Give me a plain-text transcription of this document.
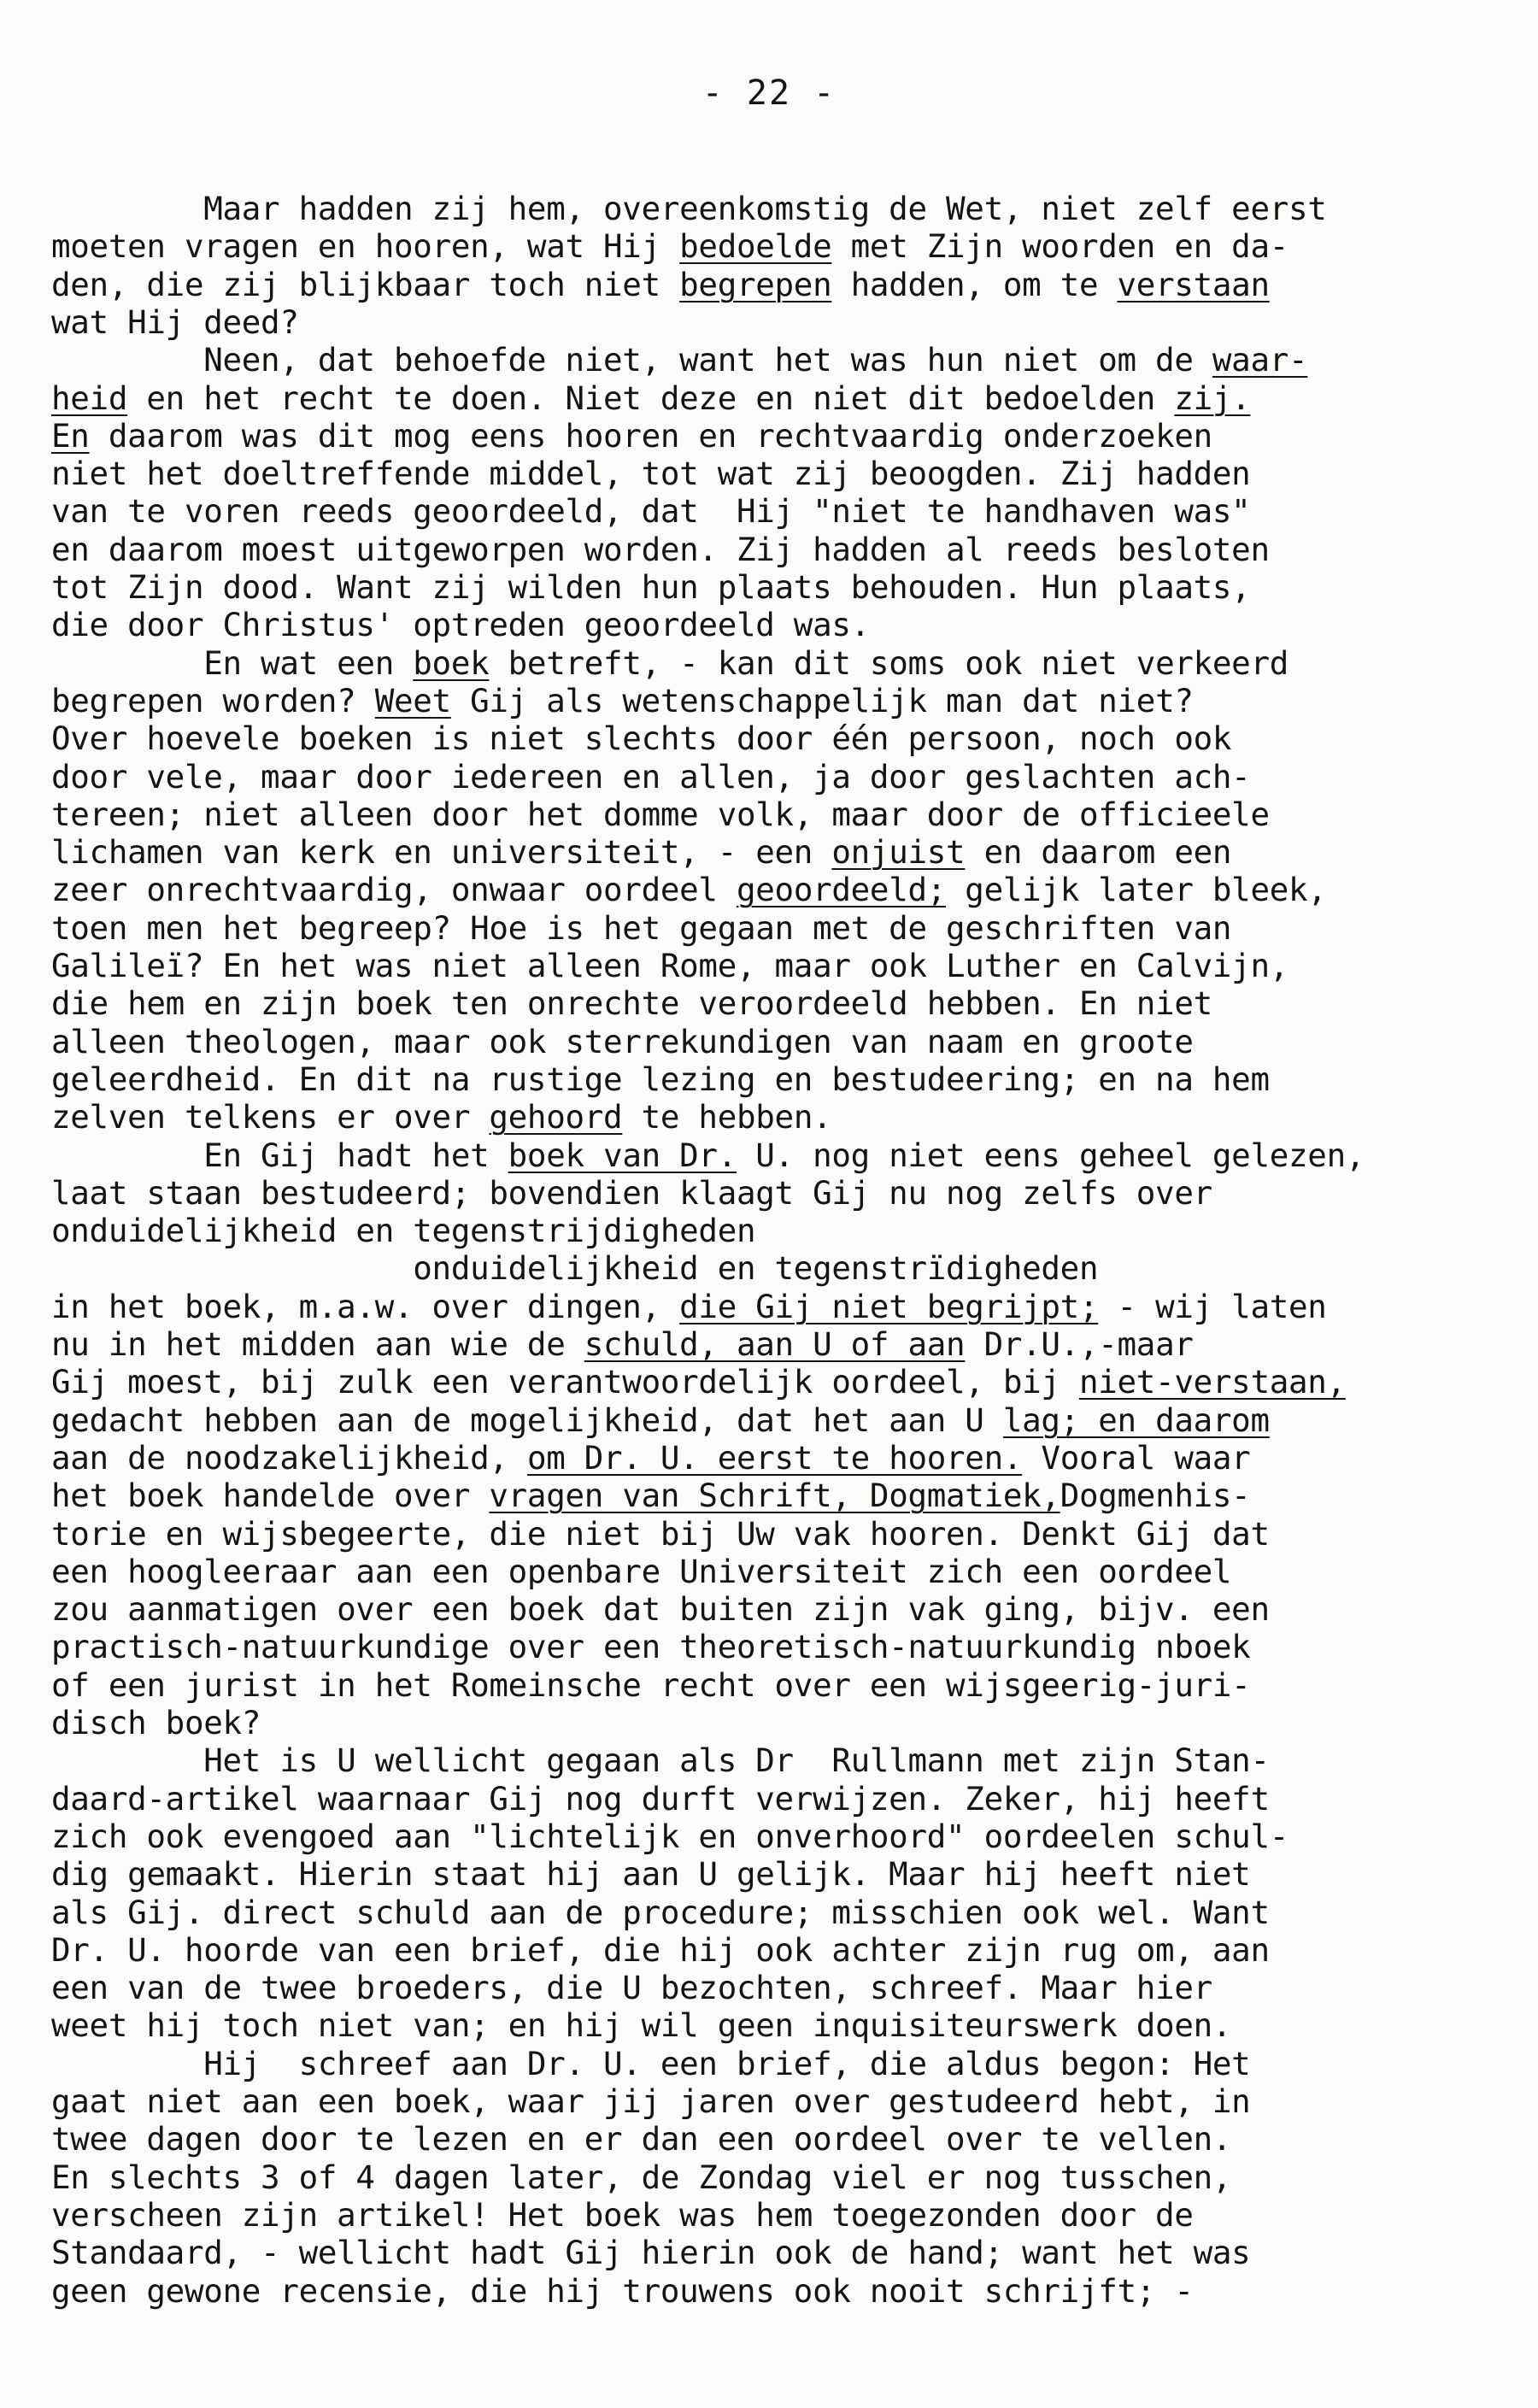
- 22 -
Maar hadden zij hem, overeenkomstig de Wet, niet zelf eerst
moeten vragen en hooren, wat Hij bedoelde met Zijn woorden en da-
den, die zij blijkbaar toch niet begrepen hadden, om te verstaan
wat Hij deed?
Neen, dat behoefde niet, want het was hun niet om de waar-
heid en het recht te doen. Niet deze en niet dit bedoelden zij.
En daarom was dit mog eens hooren en rechtvaardig onderzoeken
niet het doeltreffende middel, tot wat zij beoogden. Zij hadden
van te voren reeds geoordeeld, dat  Hij "niet te handhaven was"
en daarom moest uitgeworpen worden. Zij hadden al reeds besloten
tot Zijn dood. Want zij wilden hun plaats behouden. Hun plaats,
die door Christus' optreden geoordeeld was.
En wat een boek betreft, - kan dit soms ook niet verkeerd
begrepen worden? Weet Gij als wetenschappelijk man dat niet?
Over hoevele boeken is niet slechts door één persoon, noch ook
door vele, maar door iedereen en allen, ja door geslachten ach-
tereen; niet alleen door het domme volk, maar door de officieele
lichamen van kerk en universiteit, - een onjuist en daarom een
zeer onrechtvaardig, onwaar oordeel geoordeeld; gelijk later bleek,
toen men het begreep? Hoe is het gegaan met de geschriften van
Galileï? En het was niet alleen Rome, maar ook Luther en Calvijn,
die hem en zijn boek ten onrechte veroordeeld hebben. En niet
alleen theologen, maar ook sterrekundigen van naam en groote
geleerdheid. En dit na rustige lezing en bestudeering; en na hem
zelven telkens er over gehoord te hebben.
En Gij hadt het boek van Dr. U. nog niet eens geheel gelezen,
laat staan bestudeerd; bovendien klaagt Gij nu nog zelfs over
onduidelijkheid en tegenstrijdigheden
onduidelijkheid en tegenstrïdigheden
in het boek, m.a.w. over dingen, die Gij niet begrijpt; - wij laten
nu in het midden aan wie de schuld, aan U of aan Dr.U.,-maar
Gij moest, bij zulk een verantwoordelijk oordeel, bij niet-verstaan,
gedacht hebben aan de mogelijkheid, dat het aan U lag; en daarom
aan de noodzakelijkheid, om Dr. U. eerst te hooren. Vooral waar
het boek handelde over vragen van Schrift, Dogmatiek,Dogmenhis-
torie en wijsbegeerte, die niet bij Uw vak hooren. Denkt Gij dat
een hoogleeraar aan een openbare Universiteit zich een oordeel
zou aanmatigen over een boek dat buiten zijn vak ging, bijv. een
practisch-natuurkundige over een theoretisch-natuurkundig nboek
of een jurist in het Romeinsche recht over een wijsgeerig-juri-
disch boek?
Het is U wellicht gegaan als Dr  Rullmann met zijn Stan-
daard-artikel waarnaar Gij nog durft verwijzen. Zeker, hij heeft
zich ook evengoed aan "lichtelijk en onverhoord" oordeelen schul-
dig gemaakt. Hierin staat hij aan U gelijk. Maar hij heeft niet
als Gij. direct schuld aan de procedure; misschien ook wel. Want
Dr. U. hoorde van een brief, die hij ook achter zijn rug om, aan
een van de twee broeders, die U bezochten, schreef. Maar hier
weet hij toch niet van; en hij wil geen inquisiteurswerk doen.
Hij  schreef aan Dr. U. een brief, die aldus begon: Het
gaat niet aan een boek, waar jij jaren over gestudeerd hebt, in
twee dagen door te lezen en er dan een oordeel over te vellen.
En slechts 3 of 4 dagen later, de Zondag viel er nog tusschen,
verscheen zijn artikel! Het boek was hem toegezonden door de
Standaard, - wellicht hadt Gij hierin ook de hand; want het was
geen gewone recensie, die hij trouwens ook nooit schrijft; -
